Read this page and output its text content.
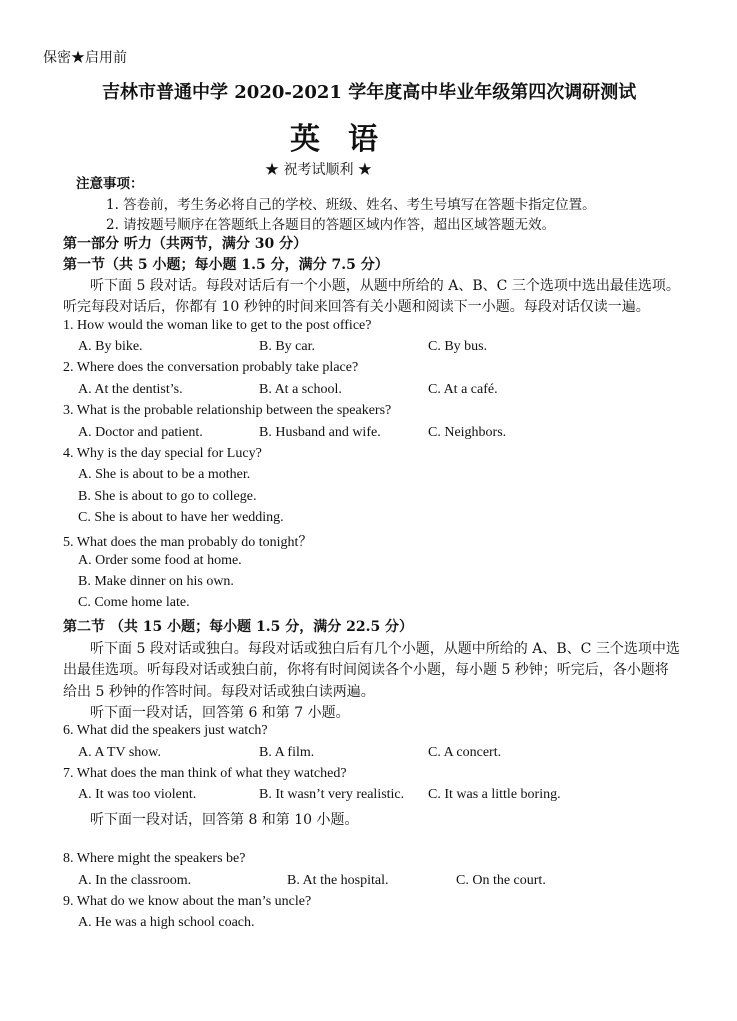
保密★启用前
吉林市普通中学 2020-2021 学年度高中毕业年级第四次调研测试
英语
★ 祝考试顺利 ★
注意事项：
1. 答卷前，考生务必将自己的学校、班级、姓名、考生号填写在答题卡指定位置。
2. 请按题号顺序在答题纸上各题目的答题区域内作答，超出区域答题无效。
第一部分 听力（共两节，满分 30 分）
第一节（共 5 小题；每小题 1.5 分，满分 7.5 分）
听下面 5 段对话。每段对话后有一个小题，从题中所给的 A、B、C 三个选项中选出最佳选项。
听完每段对话后，你都有 10 秒钟的时间来回答有关小题和阅读下一小题。每段对话仅读一遍。
1. How would the woman like to get to the post office?
A. By bike.	B. By car.	C. By bus.
2. Where does the conversation probably take place?
A. At the dentist’s.	B. At a school.	C. At a café.
3. What is the probable relationship between the speakers?
A. Doctor and patient.	B. Husband and wife.	C. Neighbors.
4. Why is the day special for Lucy?
A. She is about to be a mother.
B. She is about to go to college.
C. She is about to have her wedding.
5. What does the man probably do tonight？
A. Order some food at home.
B. Make dinner on his own.
C. Come home late.
第二节 （共 15 小题；每小题 1.5 分，满分 22.5 分）
听下面 5 段对话或独白。每段对话或独白后有几个小题，从题中所给的 A、B、C 三个选项中选
出最佳选项。听每段对话或独白前，你将有时间阅读各个小题，每小题 5 秒钟；听完后，各小题将
给出 5 秒钟的作答时间。每段对话或独白读两遍。
听下面一段对话，回答第 6 和第 7 小题。
6. What did the speakers just watch?
A. A TV show.	B. A film.	C. A concert.
7. What does the man think of what they watched?
A. It was too violent.	B. It wasn’t very realistic. C. It was a little boring.
听下面一段对话，回答第 8 和第 10 小题。
8. Where might the speakers be?
A. In the classroom.	B. At the hospital.	C. On the court.
9. What do we know about the man’s uncle?
A. He was a high school coach.
